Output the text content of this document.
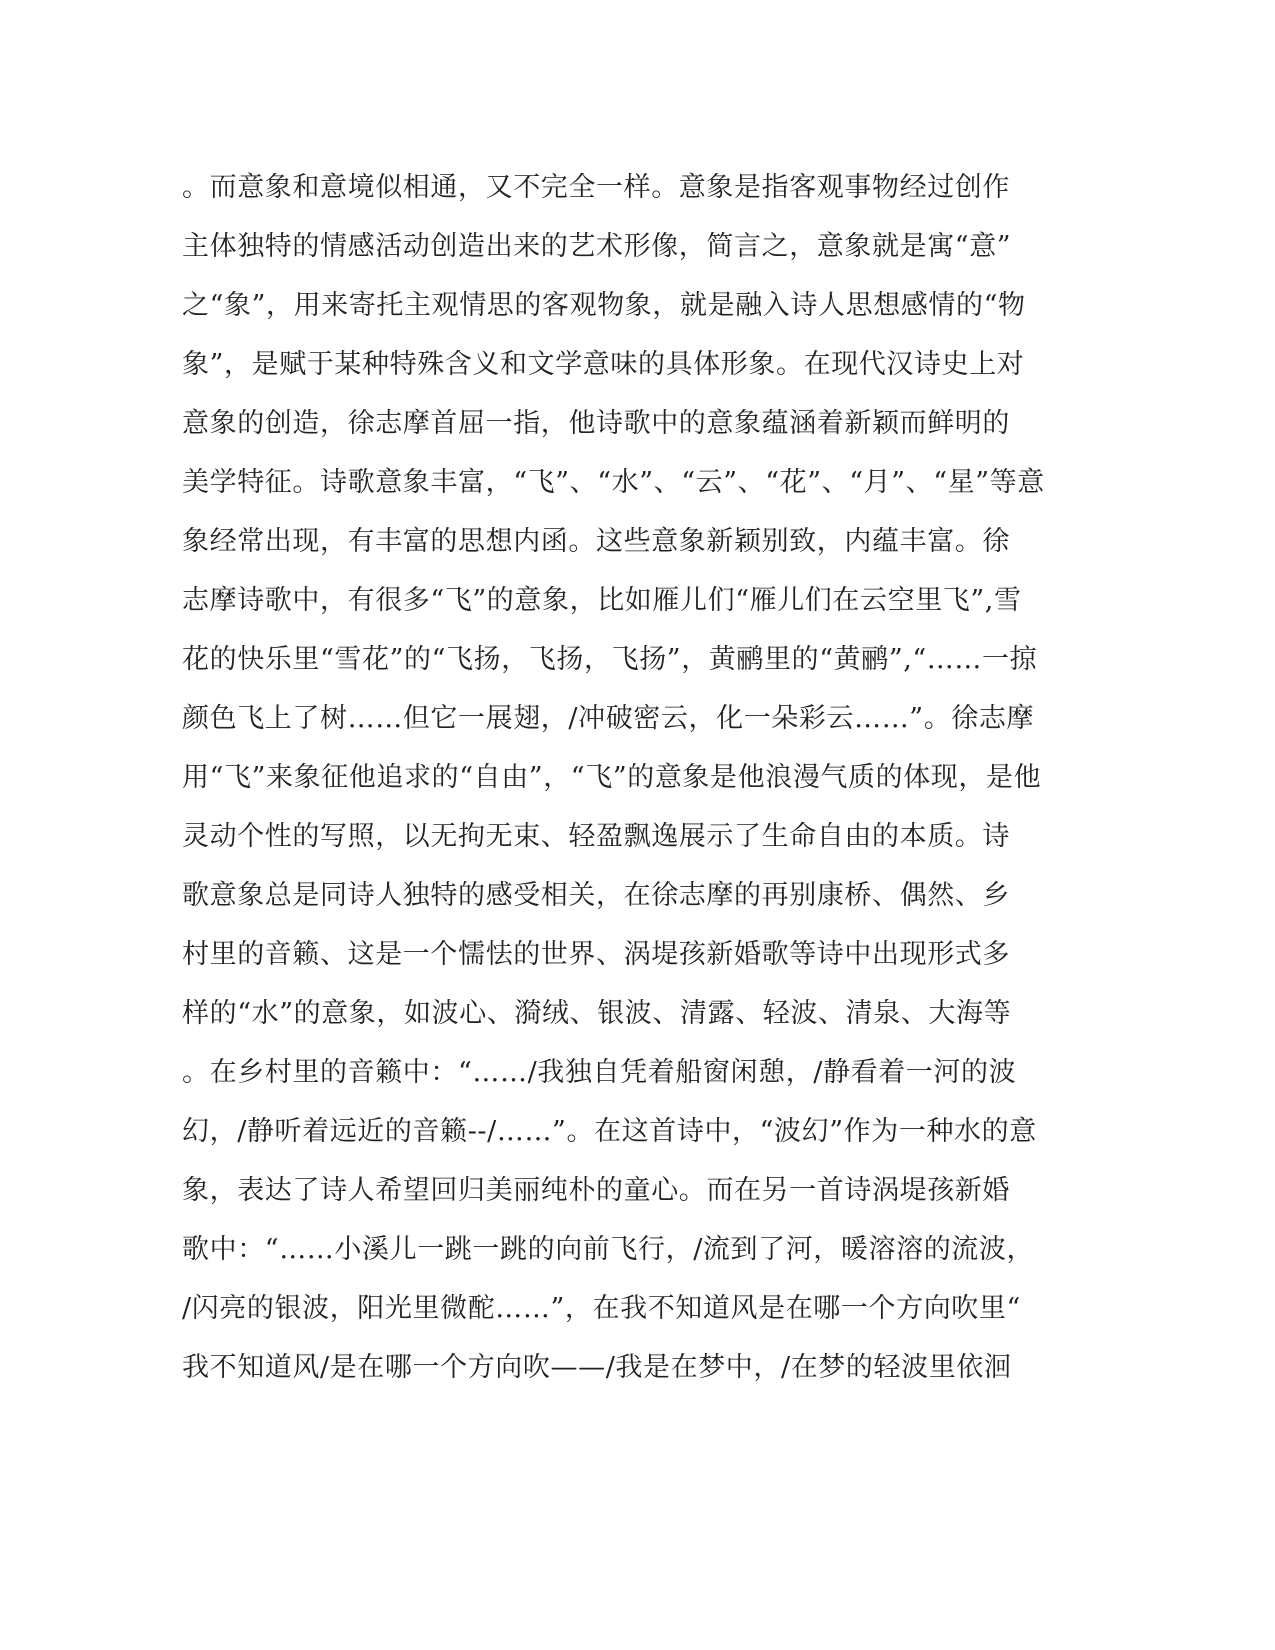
。而意象和意境似相通，又不完全一样。意象是指客观事物经过创作
主体独特的情感活动创造出来的艺术形像，简言之，意象就是寓“意”
之“象”，用来寄托主观情思的客观物象，就是融入诗人思想感情的“物
象”，是赋于某种特殊含义和文学意味的具体形象。在现代汉诗史上对
意象的创造，徐志摩首屈一指，他诗歌中的意象蕴涵着新颖而鲜明的
美学特征。诗歌意象丰富，“飞”、“水”、“云”、“花”、“月”、“星”等意
象经常出现，有丰富的思想内函。这些意象新颖别致，内蕴丰富。徐
志摩诗歌中，有很多“飞”的意象，比如雁儿们“雁儿们在云空里飞”,雪
花的快乐里“雪花”的“飞扬，飞扬，飞扬”，黄鹂里的“黄鹂”,“……一掠
颜色飞上了树……但它一展翅，/冲破密云，化一朵彩云……”。徐志摩
用“飞”来象征他追求的“自由”，“飞”的意象是他浪漫气质的体现，是他
灵动个性的写照，以无拘无束、轻盈飘逸展示了生命自由的本质。诗
歌意象总是同诗人独特的感受相关，在徐志摩的再别康桥、偶然、乡
村里的音籁、这是一个懦怯的世界、涡堤孩新婚歌等诗中出现形式多
样的“水”的意象，如波心、漪绒、银波、清露、轻波、清泉、大海等
。在乡村里的音籁中：“……/我独自凭着船窗闲憩，/静看着一河的波
幻，/静听着远近的音籁--/……”。在这首诗中，“波幻”作为一种水的意
象，表达了诗人希望回归美丽纯朴的童心。而在另一首诗涡堤孩新婚
歌中：“……小溪儿一跳一跳的向前飞行，/流到了河，暖溶溶的流波，
/闪亮的银波，阳光里微酡……”，在我不知道风是在哪一个方向吹里“
我不知道风/是在哪一个方向吹——/我是在梦中，/在梦的轻波里依洄
